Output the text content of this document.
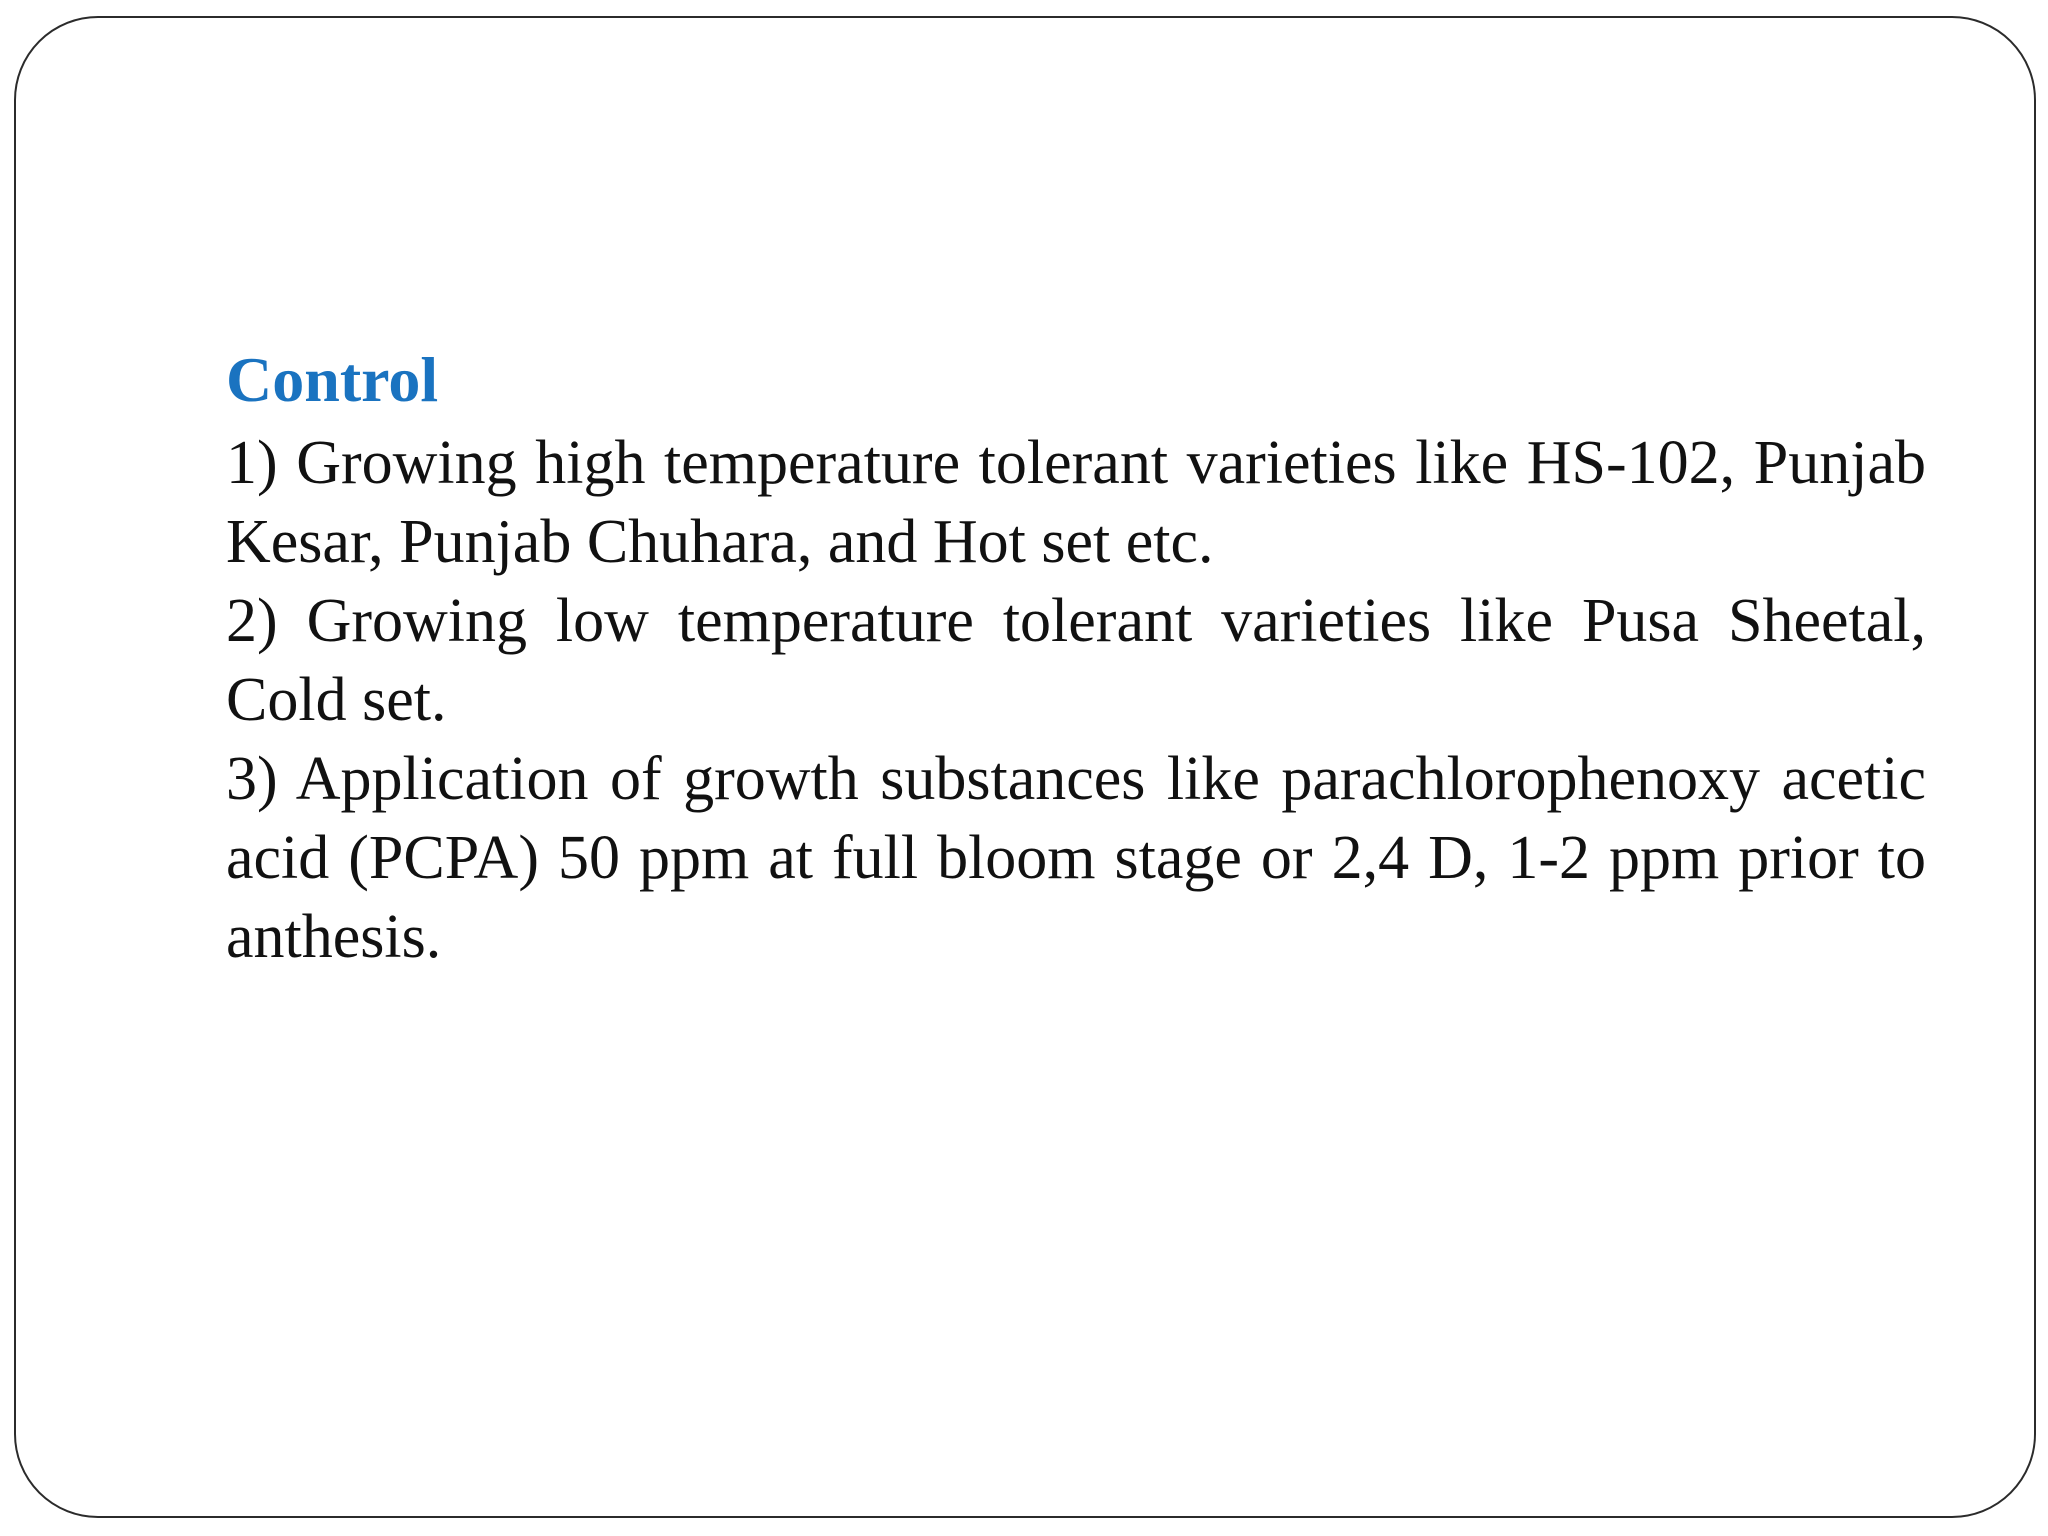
Control

1) Growing high temperature tolerant varieties like HS-102, Punjab Kesar, Punjab Chuhara, and Hot set etc.

2) Growing low temperature tolerant varieties like Pusa Sheetal, Cold set.

3) Application of growth substances like parachlorophenoxy acetic acid (PCPA) 50 ppm at full bloom stage or 2,4 D, 1-2 ppm prior to anthesis.
